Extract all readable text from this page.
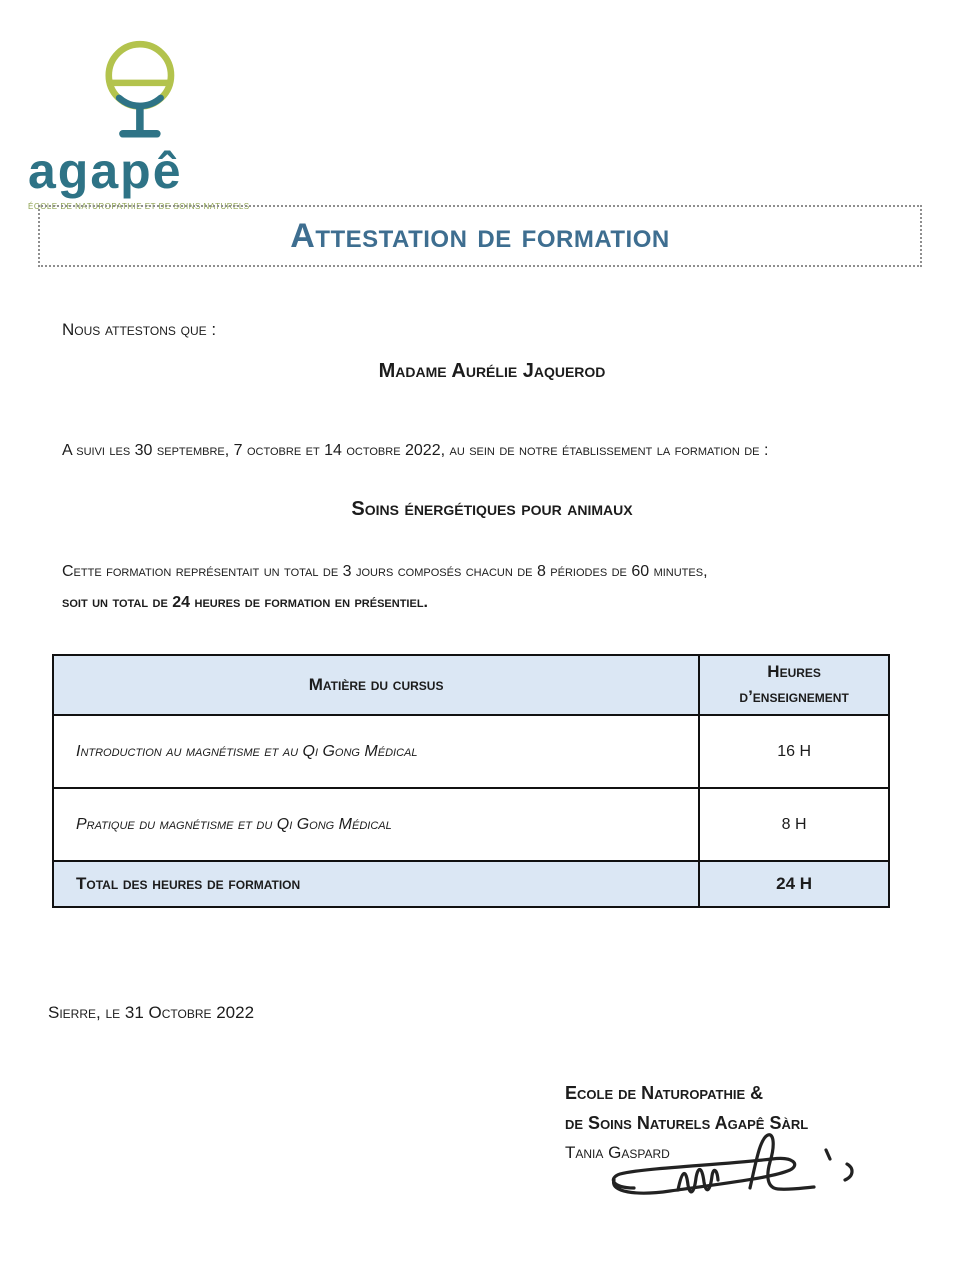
agapê
ÉCOLE DE NATUROPATHIE ET DE SOINS NATURELS
Attestation de formation
Nous attestons que :
Madame Aurélie Jaquerod
A suivi les 30 septembre, 7 octobre et 14 octobre 2022, au sein de notre établissement la formation de :
Soins énergétiques pour animaux
Cette formation représentait un total de 3 jours composés chacun de 8 périodes de 60 minutes,
soit un total de 24 heures de formation en présentiel.
Matière du cursus	Heures
d’enseignement

Introduction au magnétisme et au Qi Gong Médical	16 H
Pratique du magnétisme et du Qi Gong Médical	8 H
Total des heures de formation	24 H
Sierre, le 31 Octobre 2022
Ecole de Naturopathie &
de Soins Naturels Agapê Sàrl
Tania Gaspard
